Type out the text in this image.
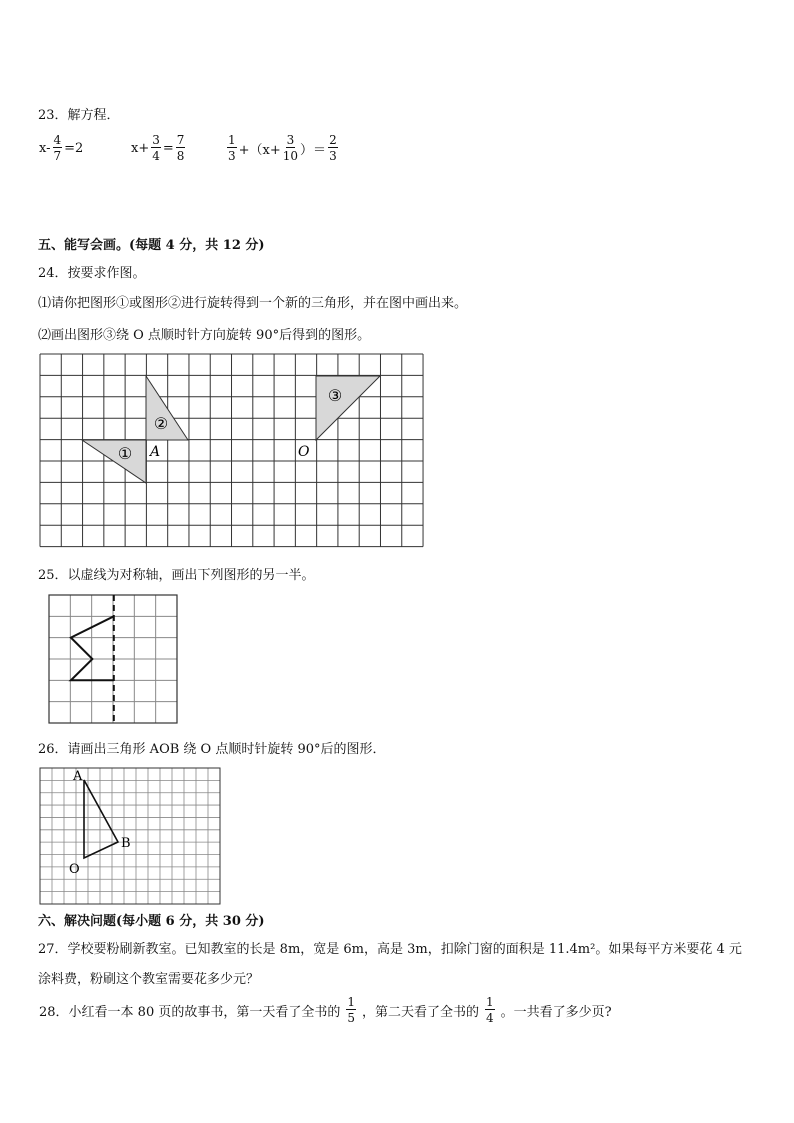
23．解方程．
$x- \frac{4}{7} =2$	$x+ \frac{3}{4} = \frac{7}{8}$	$\frac{1}{3} +(x+ \frac{3}{10}$ ）＝ $\frac{2}{3}$
五、能写会画。(每题 4 分，共 12 分)
24．按要求作图。
⑴请你把图形①或图形②进行旋转得到一个新的三角形，并在图中画出来。
⑵画出图形③绕 O 点顺时针方向旋转 90°后得到的图形。
①
②
③
A	O
25．以虚线为对称轴，画出下列图形的另一半。
26．请画出三角形 AOB 绕 O 点顺时针旋转 90°后的图形．
A
B
O
六、解决问题(每小题 6 分，共 30 分)
27．学校要粉刷新教室。已知教室的长是 8m，宽是 6m，高是 3m，扣除门窗的面积是 11.4m²。如果每平方米要花 4 元
涂料费，粉刷这个教室需要花多少元？
28．小红看一本 80 页的故事书，第一天看了全书的 $\frac{1}{5}$ ，第二天看了全书的 $\frac{1}{4}$ 。一共看了多少页?
